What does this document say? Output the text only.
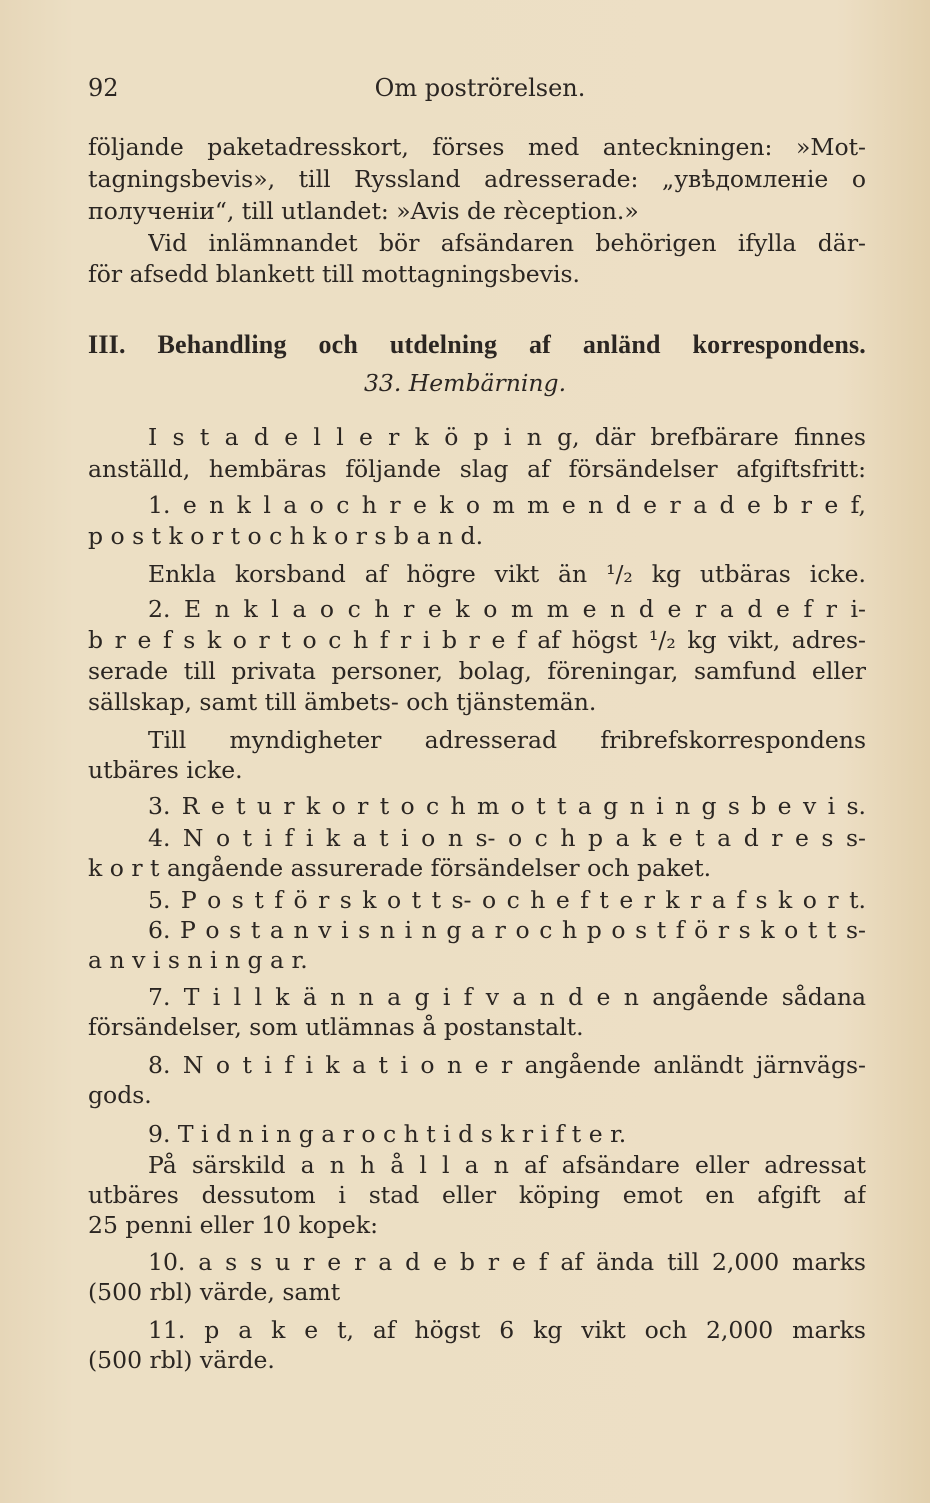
92	Om poströrelsen.
följande paketadresskort, förses med anteckningen: »Mot-
tagningsbevis», till Ryssland adresserade: „увѣдомленіе о
полученіи“, till utlandet: »Avis de rèception.»
Vid inlämnandet bör afsändaren behörigen ifylla där-
för afsedd blankett till mottagningsbevis.
III. Behandling och utdelning af anländ korrespondens.
33. Hembärning.
I s t a d e l l e r k ö p i n g, där brefbärare finnes
anställd, hembäras följande slag af försändelser afgiftsfritt:
1. e n k l a o c h r e k o m m e n d e r a d e b r e f,
p o s t k o r t o c h k o r s b a n d.
Enkla korsband af högre vikt än ¹/₂ kg utbäras icke.
2. E n k l a o c h r e k o m m e n d e r a d e f r i-
b r e f s k o r t o c h f r i b r e f af högst ¹/₂ kg vikt, adres-
serade till privata personer, bolag, föreningar, samfund eller
sällskap, samt till ämbets- och tjänstemän.
Till myndigheter adresserad fribrefskorrespondens
utbäres icke.
3. R e t u r k o r t o c h m o t t a g n i n g s b e v i s.
4. N o t i f i k a t i o n s- o c h p a k e t a d r e s s-
k o r t angående assurerade försändelser och paket.
5. P o s t f ö r s k o t t s- o c h e f t e r k r a f s k o r t.
6. P o s t a n v i s n i n g a r o c h p o s t f ö r s k o t t s-
a n v i s n i n g a r.
7. T i l l k ä n n a g i f v a n d e n angående sådana
försändelser, som utlämnas å postanstalt.
8. N o t i f i k a t i o n e r angående anländt järnvägs-
gods.
9. T i d n i n g a r o c h t i d s k r i f t e r.
På särskild a n h å l l a n af afsändare eller adressat
utbäres dessutom i stad eller köping emot en afgift af
25 penni eller 10 kopek:
10. a s s u r e r a d e b r e f af ända till 2,000 marks
(500 rbl) värde, samt
11. p a k e t, af högst 6 kg vikt och 2,000 marks
(500 rbl) värde.
